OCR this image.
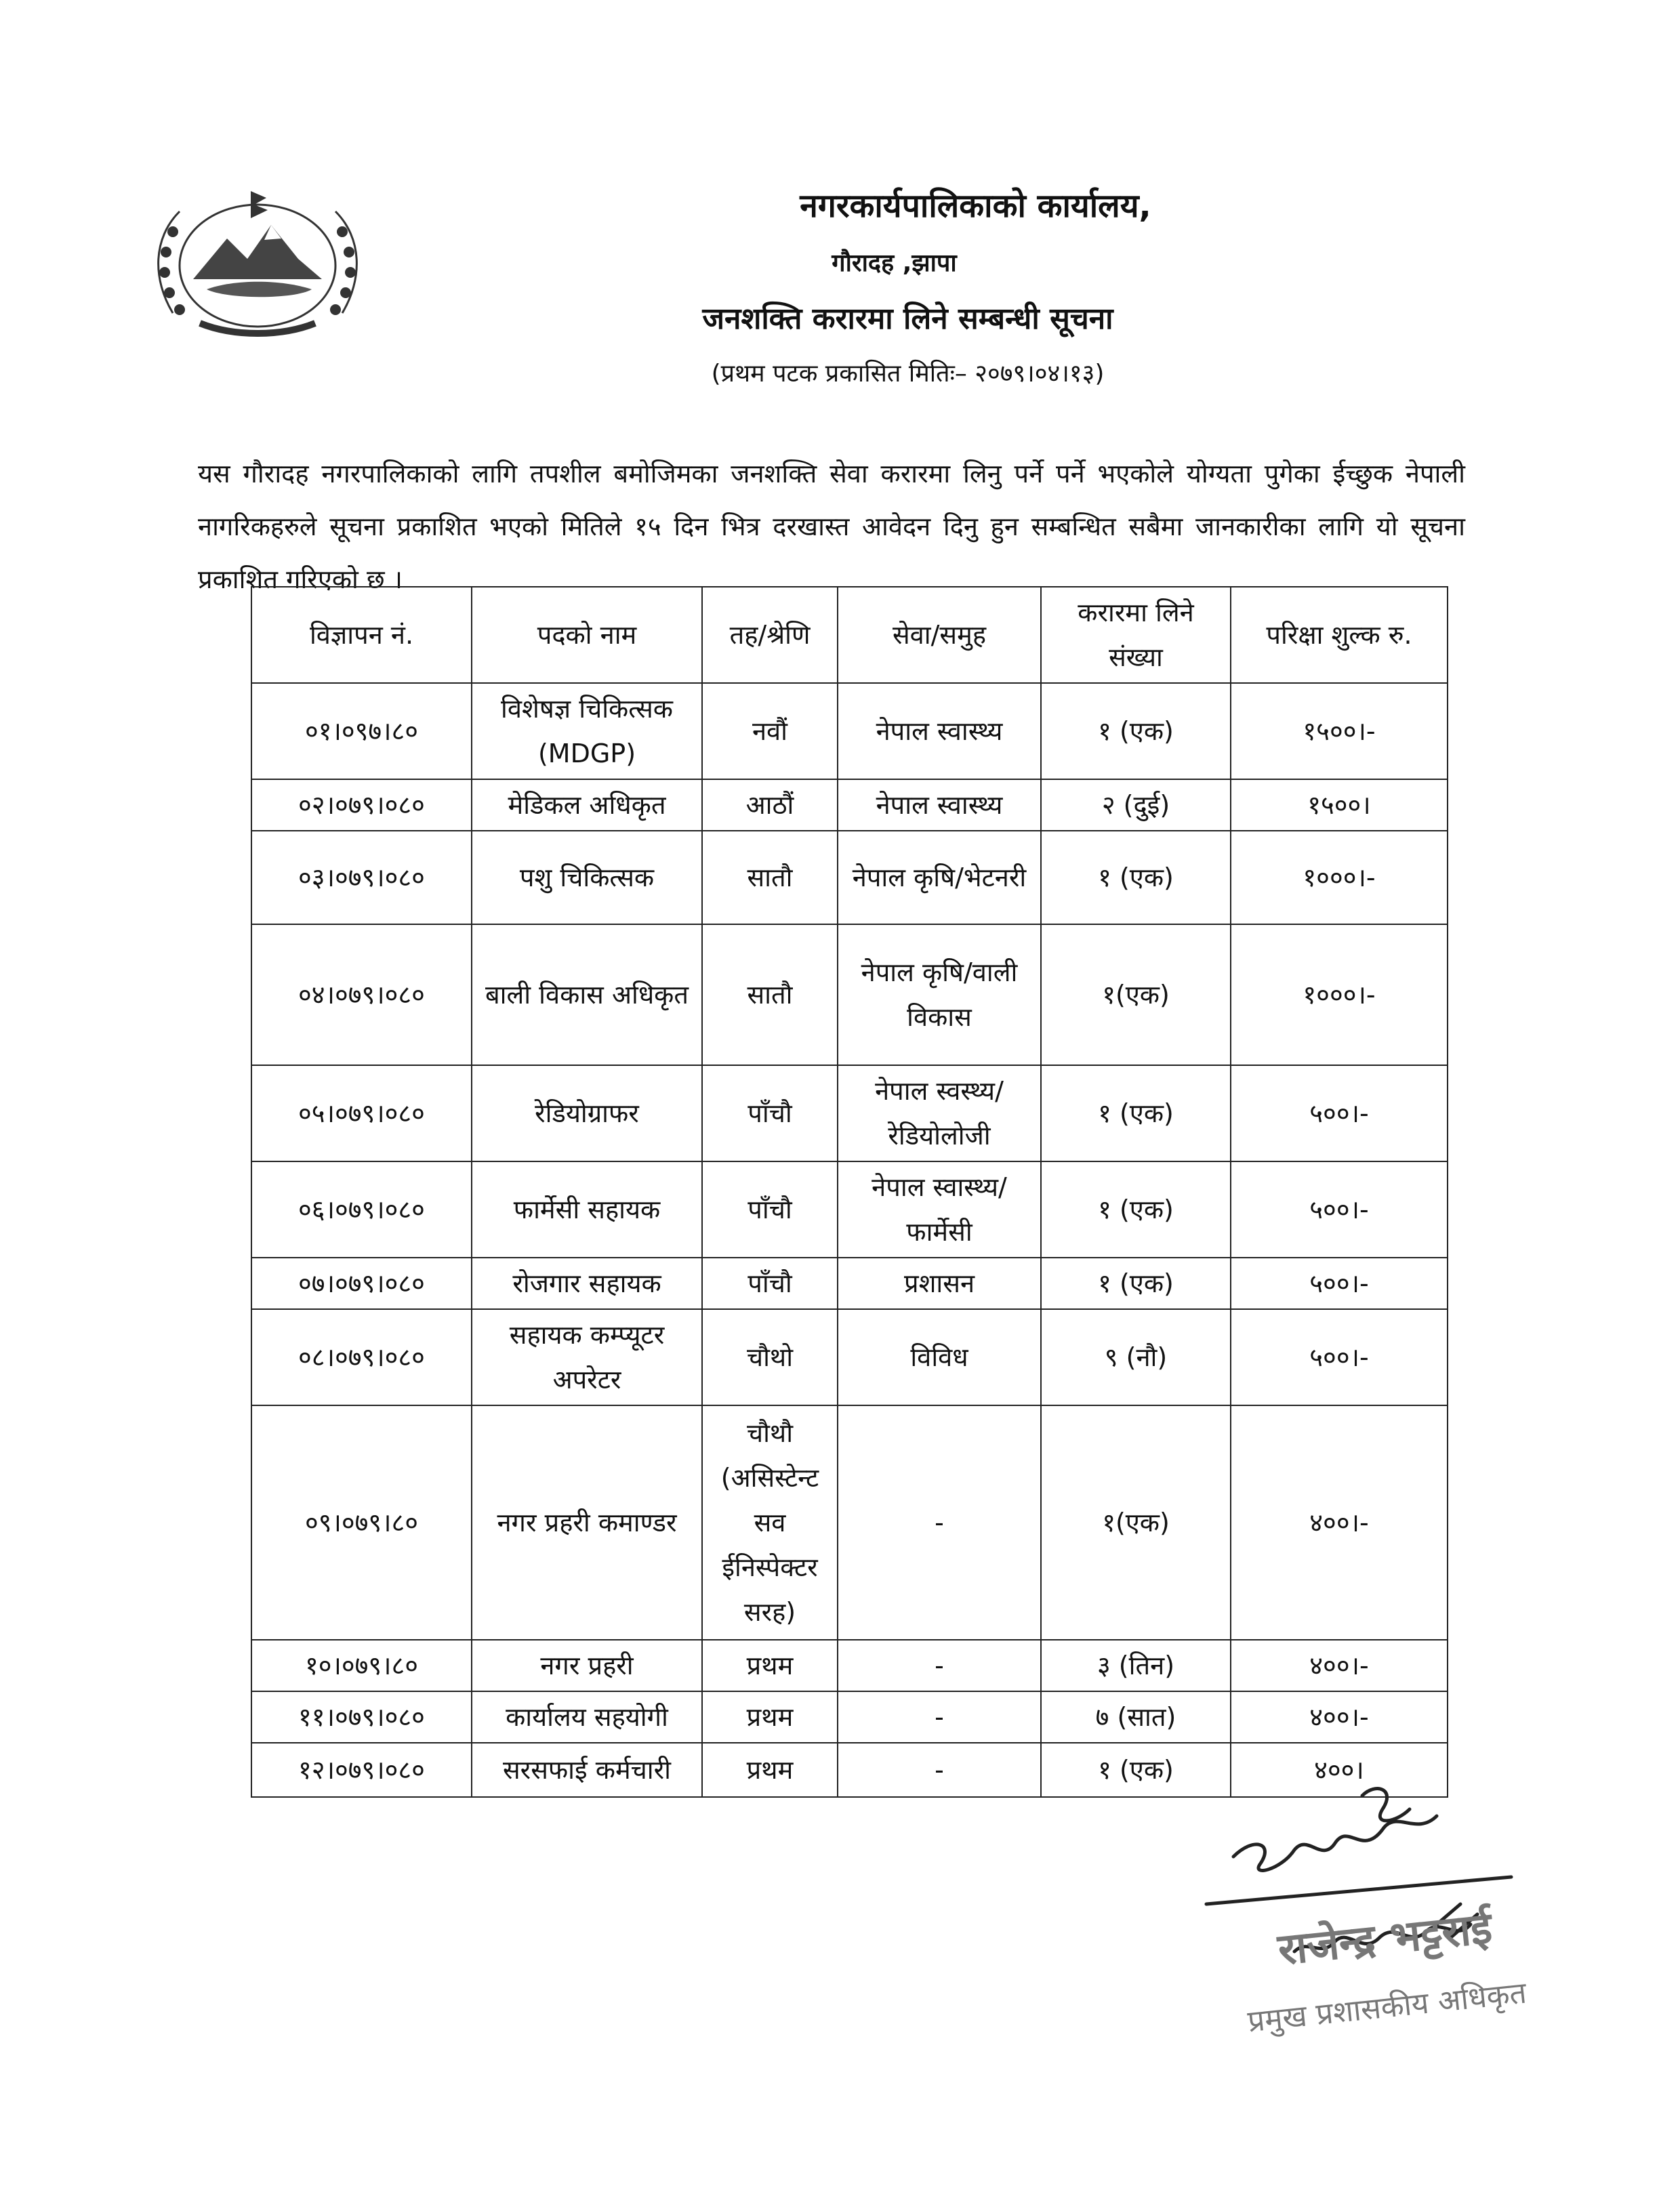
नगरकार्यपालिकाको कार्यालय,
गौरादह ,झापा
जनशक्ति करारमा लिने सम्बन्धी सूचना
(प्रथम पटक प्रकासित मितिः– २०७९।०४।१३)

यस गौरादह नगरपालिकाको लागि तपशील बमोजिमका जनशक्ति सेवा करारमा लिनु पर्ने पर्ने भएकोले योग्यता पुगेका ईच्छुक नेपाली नागरिकहरुले सूचना प्रकाशित भएको मितिले १५ दिन भित्र दरखास्त आवेदन दिनु हुन सम्बन्धित सबैमा जानकारीका लागि यो सूचना प्रकाशित गरिएको छ ।

विज्ञापन नं.	पदको नाम	तह/श्रेणि	सेवा/समुह	करारमा लिने संख्या	परिक्षा शुल्क रु.
०१।०९७।८०	विशेषज्ञ चिकित्सक (MDGP)	नवौं	नेपाल स्वास्थ्य	१ (एक)	१५००।-
०२।०७९।०८०	मेडिकल अधिकृत	आठौं	नेपाल स्वास्थ्य	२ (दुई)	१५००।
०३।०७९।०८०	पशु चिकित्सक	सातौ	नेपाल कृषि/भेटनरी	१ (एक)	१०००।-
०४।०७९।०८०	बाली विकास अधिकृत	सातौ	नेपाल कृषि/वाली विकास	१(एक)	१०००।-
०५।०७९।०८०	रेडियोग्राफर	पाँचौ	नेपाल स्वस्थ्य/ रेडियोलोजी	१ (एक)	५००।-
०६।०७९।०८०	फार्मेसी सहायक	पाँचौ	नेपाल स्वास्थ्य/फार्मेसी	१ (एक)	५००।-
०७।०७९।०८०	रोजगार सहायक	पाँचौ	प्रशासन	१ (एक)	५००।-
०८।०७९।०८०	सहायक कम्प्यूटर अपरेटर	चौथो	विविध	९ (नौ)	५००।-
०९।०७९।८०	नगर प्रहरी कमाण्डर	चौथौ (असिस्टेन्ट सव ईनिस्पेक्टर सरह)	-	१(एक)	४००।-
१०।०७९।८०	नगर प्रहरी	प्रथम	-	३ (तिन)	४००।-
११।०७९।०८०	कार्यालय सहयोगी	प्रथम	-	७ (सात)	४००।-
१२।०७९।०८०	सरसफाई कर्मचारी	प्रथम	-	१ (एक)	४००।
राजेन्द्र भट्टराई
प्रमुख प्रशासकीय अधिकृत
